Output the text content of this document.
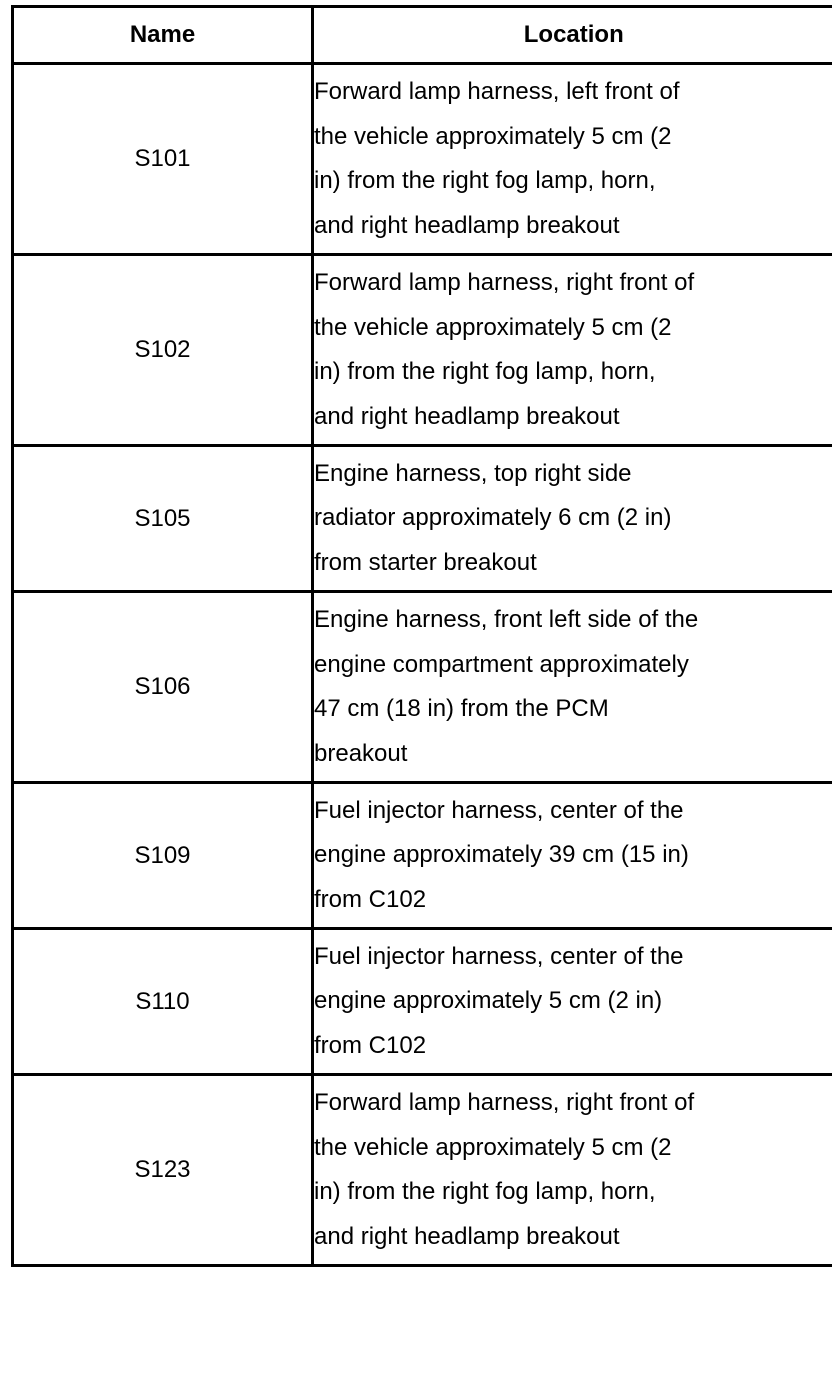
Name	Location
S101	Forward lamp harness, left front of
the vehicle approximately 5 cm (2
in) from the right fog lamp, horn,
and right headlamp breakout

S102	Forward lamp harness, right front of
the vehicle approximately 5 cm (2
in) from the right fog lamp, horn,
and right headlamp breakout

S105	Engine harness, top right side
radiator approximately 6 cm (2 in)
from starter breakout

S106	Engine harness, front left side of the
engine compartment approximately
47 cm (18 in) from the PCM
breakout

S109	Fuel injector harness, center of the
engine approximately 39 cm (15 in)
from C102

S110	Fuel injector harness, center of the
engine approximately 5 cm (2 in)
from C102

S123	Forward lamp harness, right front of
the vehicle approximately 5 cm (2
in) from the right fog lamp, horn,
and right headlamp breakout
